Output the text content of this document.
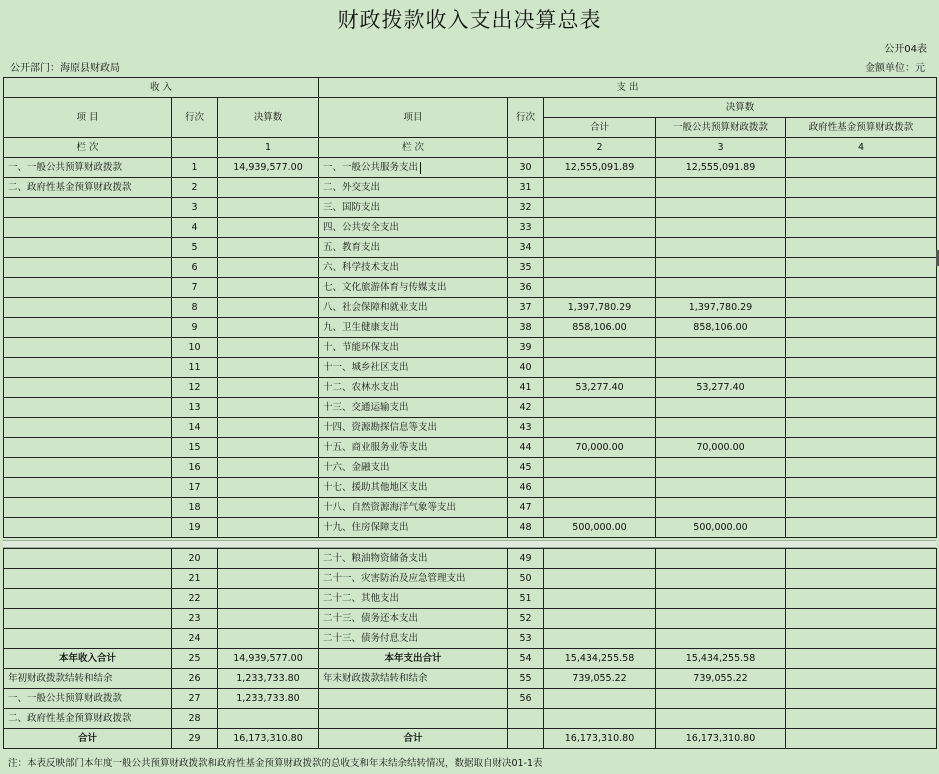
财政拨款收入支出决算总表
公开04表
公开部门：海原县财政局	金额单位：元
收 入			支 出				
项 目	行次	决算数	项目	行次	决算数		
					合计	一般公共预算财政拨款	政府性基金预算财政拨款
栏 次		1	栏 次		2	3	4
一、一般公共预算财政拨款	1	14,939,577.00	一、一般公共服务支出	30	12,555,091.89	12,555,091.89	
二、政府性基金预算财政拨款	2		二、外交支出	31			
	3		三、国防支出	32			
	4		四、公共安全支出	33			
	5		五、教育支出	34			
	6		六、科学技术支出	35			
	7		七、文化旅游体育与传媒支出	36			
	8		八、社会保障和就业支出	37	1,397,780.29	1,397,780.29	
	9		九、卫生健康支出	38	858,106.00	858,106.00	
	10		十、节能环保支出	39			
	11		十一、城乡社区支出	40			
	12		十二、农林水支出	41	53,277.40	53,277.40	
	13		十三、交通运输支出	42			
	14		十四、资源勘探信息等支出	43			
	15		十五、商业服务业等支出	44	70,000.00	70,000.00	
	16		十六、金融支出	45			
	17		十七、援助其他地区支出	46			
	18		十八、自然资源海洋气象等支出	47			
	19		十九、住房保障支出	48	500,000.00	500,000.00	
	20		二十、粮油物资储备支出	49			
	21		二十一、灾害防治及应急管理支出	50			
	22		二十二、其他支出	51			
	23		二十三、债务还本支出	52			
	24		二十三、债务付息支出	53			
本年收入合计	25	14,939,577.00	本年支出合计	54	15,434,255.58	15,434,255.58	
年初财政拨款结转和结余	26	1,233,733.80	年末财政拨款结转和结余	55	739,055.22	739,055.22	
一、一般公共预算财政拨款	27	1,233,733.80		56			
二、政府性基金预算财政拨款	28						
合计	29	16,173,310.80	合计		16,173,310.80	16,173,310.80	
注：本表反映部门本年度一般公共预算财政拨款和政府性基金预算财政拨款的总收支和年末结余结转情况，数据取自财决01-1表
